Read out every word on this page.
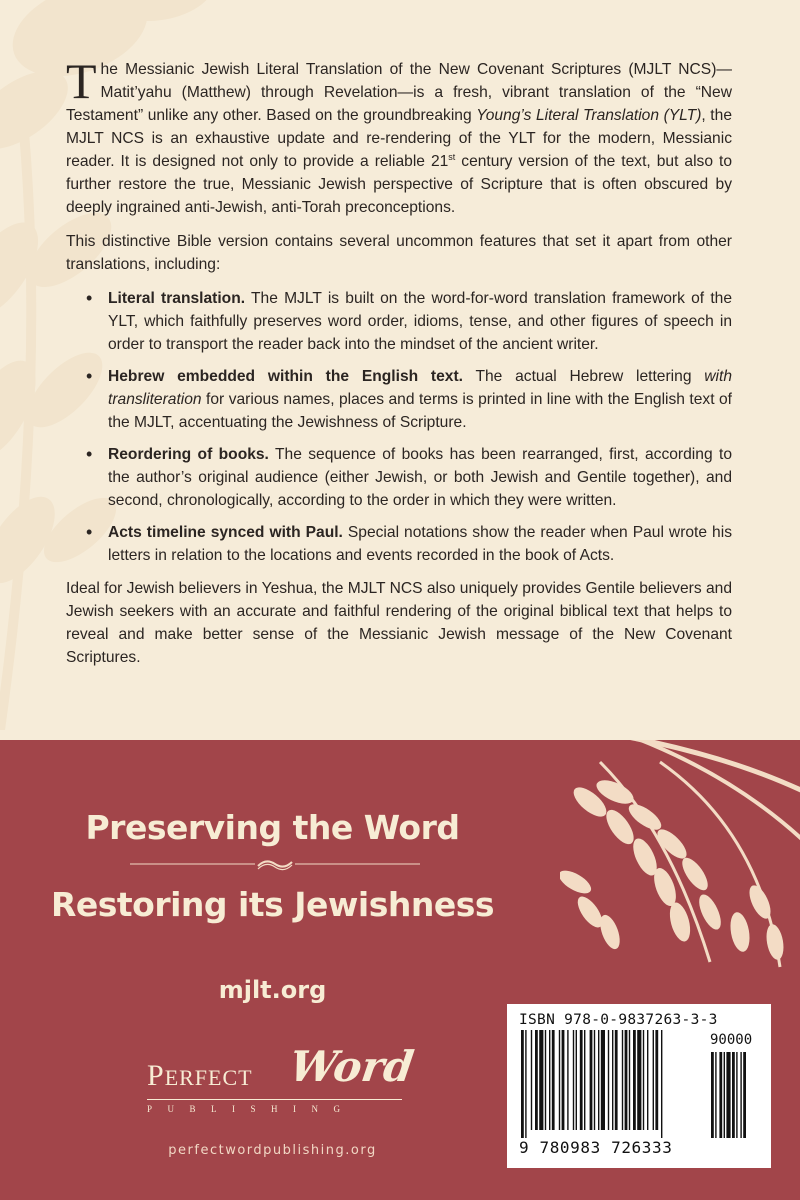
The Messianic Jewish Literal Translation of the New Covenant Scriptures (MJLT NCS)—Matit’yahu (Matthew) through Revelation—is a fresh, vibrant translation of the “New Testament” unlike any other. Based on the groundbreaking Young’s Literal Translation (YLT), the MJLT NCS is an exhaustive update and re-rendering of the YLT for the modern, Messianic reader. It is designed not only to provide a reliable 21st century version of the text, but also to further restore the true, Messianic Jewish perspective of Scripture that is often obscured by deeply ingrained anti-Jewish, anti-Torah preconceptions.

This distinctive Bible version contains several uncommon features that set it apart from other translations, including:

• Literal translation. The MJLT is built on the word-for-word translation framework of the YLT, which faithfully preserves word order, idioms, tense, and other figures of speech in order to transport the reader back into the mindset of the ancient writer.
• Hebrew embedded within the English text. The actual Hebrew lettering with transliteration for various names, places and terms is printed in line with the English text of the MJLT, accentuating the Jewishness of Scripture.
• Reordering of books. The sequence of books has been rearranged, first, according to the author’s original audience (either Jewish, or both Jewish and Gentile together), and second, chronologically, according to the order in which they were written.
• Acts timeline synced with Paul. Special notations show the reader when Paul wrote his letters in relation to the locations and events recorded in the book of Acts.

Ideal for Jewish believers in Yeshua, the MJLT NCS also uniquely provides Gentile believers and Jewish seekers with an accurate and faithful rendering of the original biblical text that helps to reveal and make better sense of the Messianic Jewish message of the New Covenant Scriptures.

Preserving the Word
Restoring its Jewishness
mjlt.org
PERFECT Word
PUBLISHING
perfectwordpublishing.org
ISBN 978-0-9837263-3-3
90000
9 780983 726333
